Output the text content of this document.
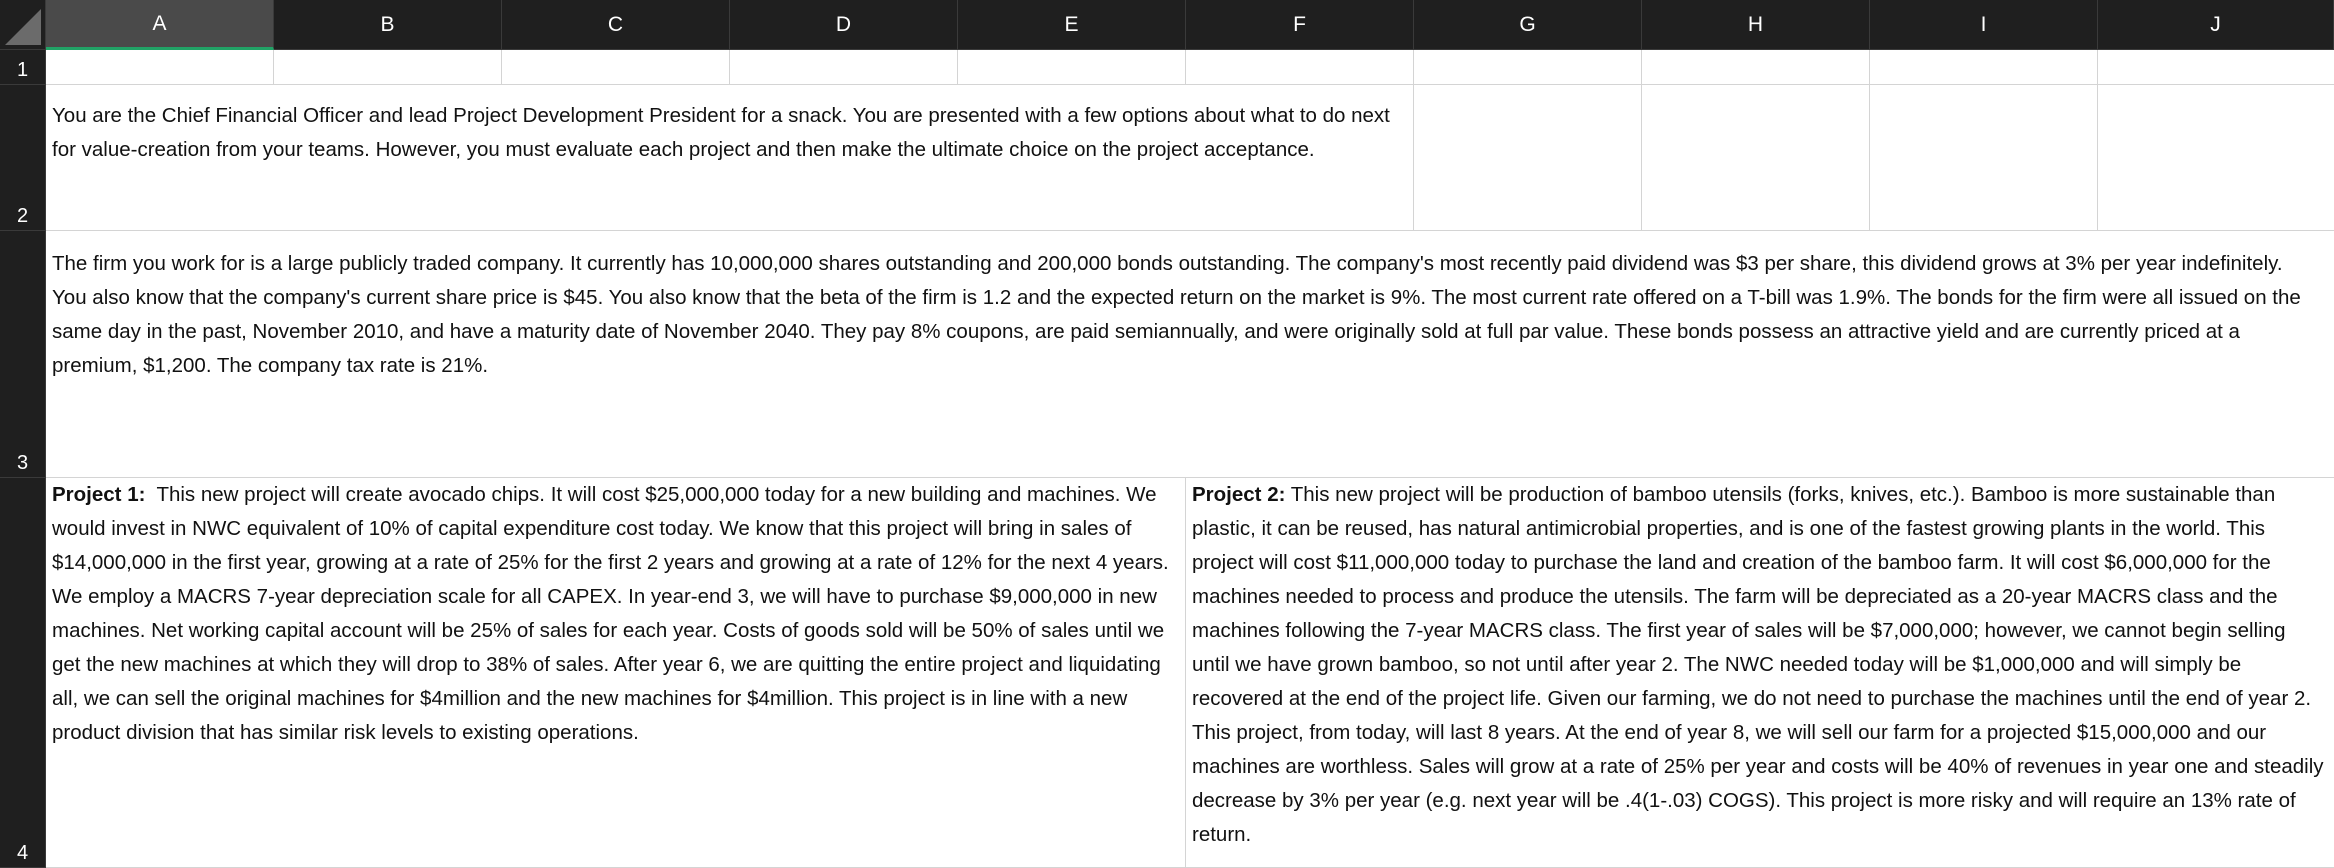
A	B	C	D	E	F	G	H	I	J
1
2
3
4

You are the Chief Financial Officer and lead Project Development President for a snack. You are presented with a few options about what to do next for value-creation from your teams. However, you must evaluate each project and then make the ultimate choice on the project acceptance.

The firm you work for is a large publicly traded company. It currently has 10,000,000 shares outstanding and 200,000 bonds outstanding. The company's most recently paid dividend was $3 per share, this dividend grows at 3% per year indefinitely. You also know that the company's current share price is $45. You also know that the beta of the firm is 1.2 and the expected return on the market is 9%. The most current rate offered on a T-bill was 1.9%. The bonds for the firm were all issued on the same day in the past, November 2010, and have a maturity date of November 2040. They pay 8% coupons, are paid semiannually, and were originally sold at full par value. These bonds possess an attractive yield and are currently priced at a premium, $1,200. The company tax rate is 21%.

Project 1: This new project will create avocado chips. It will cost $25,000,000 today for a new building and machines. We would invest in NWC equivalent of 10% of capital expenditure cost today. We know that this project will bring in sales of $14,000,000 in the first year, growing at a rate of 25% for the first 2 years and growing at a rate of 12% for the next 4 years. We employ a MACRS 7-year depreciation scale for all CAPEX. In year-end 3, we will have to purchase $9,000,000 in new machines. Net working capital account will be 25% of sales for each year. Costs of goods sold will be 50% of sales until we get the new machines at which they will drop to 38% of sales. After year 6, we are quitting the entire project and liquidating all, we can sell the original machines for $4million and the new machines for $4million. This project is in line with a new product division that has similar risk levels to existing operations.

Project 2: This new project will be production of bamboo utensils (forks, knives, etc.). Bamboo is more sustainable than plastic, it can be reused, has natural antimicrobial properties, and is one of the fastest growing plants in the world. This project will cost $11,000,000 today to purchase the land and creation of the bamboo farm. It will cost $6,000,000 for the machines needed to process and produce the utensils. The farm will be depreciated as a 20-year MACRS class and the machines following the 7-year MACRS class. The first year of sales will be $7,000,000; however, we cannot begin selling until we have grown bamboo, so not until after year 2. The NWC needed today will be $1,000,000 and will simply be recovered at the end of the project life. Given our farming, we do not need to purchase the machines until the end of year 2. This project, from today, will last 8 years. At the end of year 8, we will sell our farm for a projected $15,000,000 and our machines are worthless. Sales will grow at a rate of 25% per year and costs will be 40% of revenues in year one and steadily decrease by 3% per year (e.g. next year will be .4(1-.03) COGS). This project is more risky and will require an 13% rate of return.
